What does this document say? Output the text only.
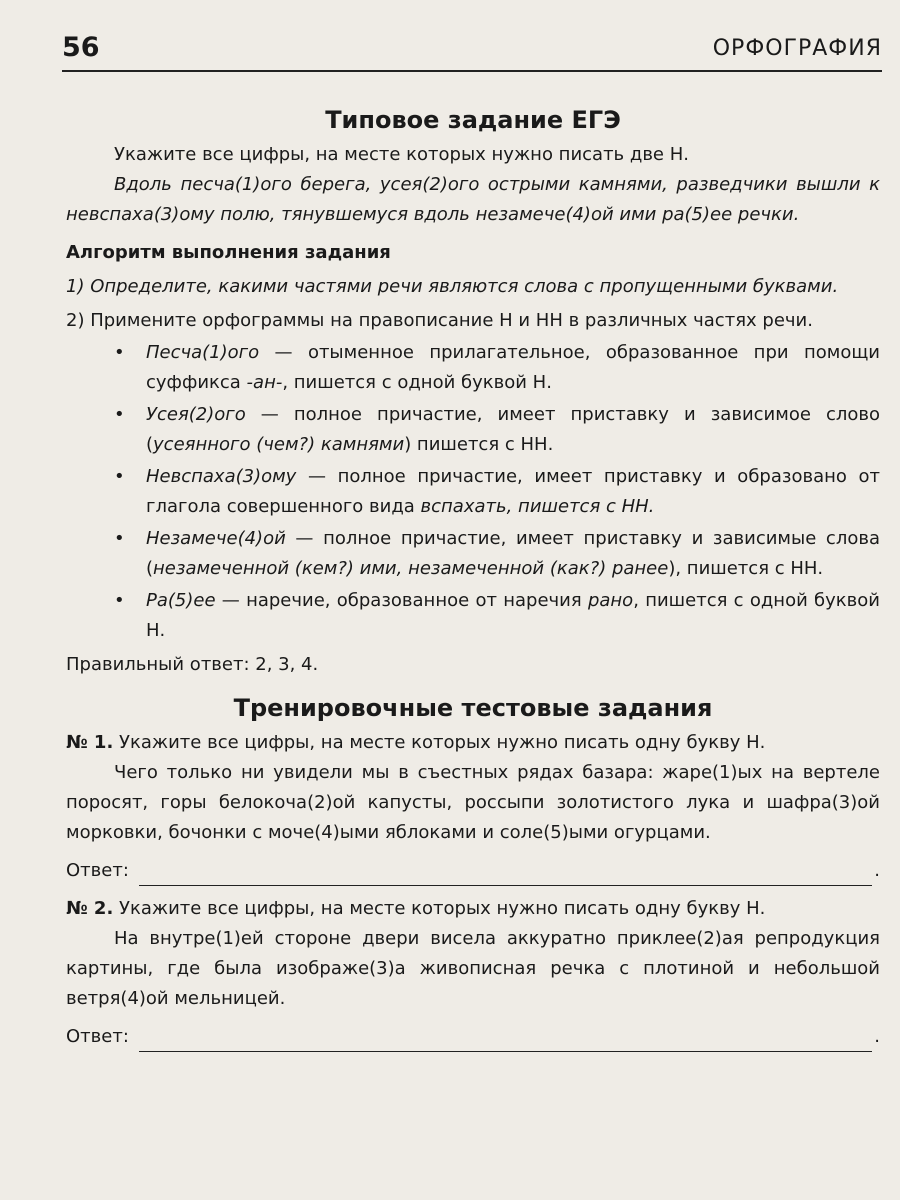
56	ОРФОГРАФИЯ
Типовое задание ЕГЭ

Укажите все цифры, на месте которых нужно писать две Н.

Вдоль песча(1)ого берега, усея(2)ого острыми камнями, разведчики вышли к невспаха(3)ому полю, тянувшемуся вдоль незамече(4)ой ими ра(5)ее речки.

Алгоритм выполнения задания

1) Определите, какими частями речи являются слова с пропущенными буквами.

2) Примените орфограммы на правописание Н и НН в различных частях речи.

• Песча(1)ого — отыменное прилагательное, образованное при помощи суффикса -ан-, пишется с одной буквой Н.
• Усея(2)ого — полное причастие, имеет приставку и зависимое слово (усеянного (чем?) камнями) пишется с НН.
• Невспаха(3)ому — полное причастие, имеет приставку и образовано от глагола совершенного вида вспахать, пишется с НН.
• Незамече(4)ой — полное причастие, имеет приставку и зависимые слова (незамеченной (кем?) ими, незамеченной (как?) ранее), пишется с НН.
• Ра(5)ее — наречие, образованное от наречия рано, пишется с одной буквой Н.

Правильный ответ: 2, 3, 4.

Тренировочные тестовые задания

№ 1. Укажите все цифры, на месте которых нужно писать одну букву Н.

Чего только ни увидели мы в съестных рядах базара: жаре(1)ых на вертеле поросят, горы белокоча(2)ой капусты, россыпи золотистого лука и шафра(3)ой морковки, бочонки с моче(4)ыми яблоками и соле(5)ыми огурцами.

Ответ:	.

№ 2. Укажите все цифры, на месте которых нужно писать одну букву Н.

На внутре(1)ей стороне двери висела аккуратно приклее(2)ая репродукция картины, где была изображе(3)а живописная речка с плотиной и небольшой ветря(4)ой мельницей.

Ответ:	.
